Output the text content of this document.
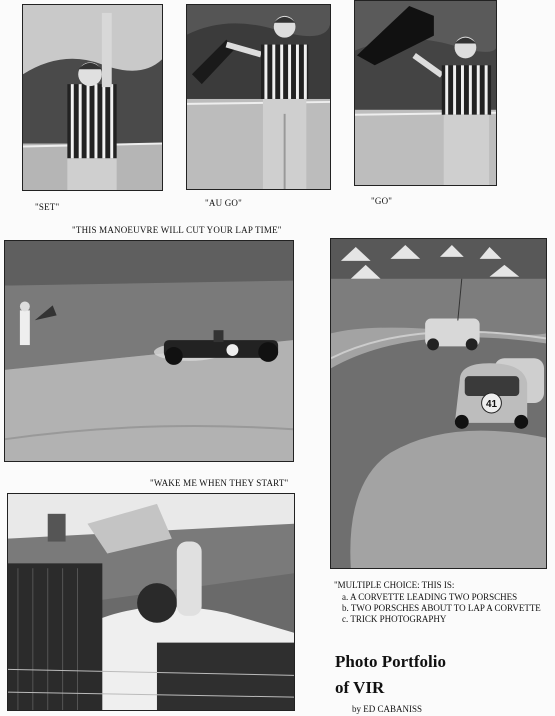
"SET"	"AU GO"	"GO"
"THIS MANOEUVRE WILL CUT YOUR LAP TIME"
41
"WAKE ME WHEN THEY START"
"MULTIPLE CHOICE: THIS IS:
a. A CORVETTE LEADING TWO PORSCHES
b. TWO PORSCHES ABOUT TO LAP A CORVETTE
c. TRICK PHOTOGRAPHY
Photo Portfolio
of VIR
by ED CABANISS
